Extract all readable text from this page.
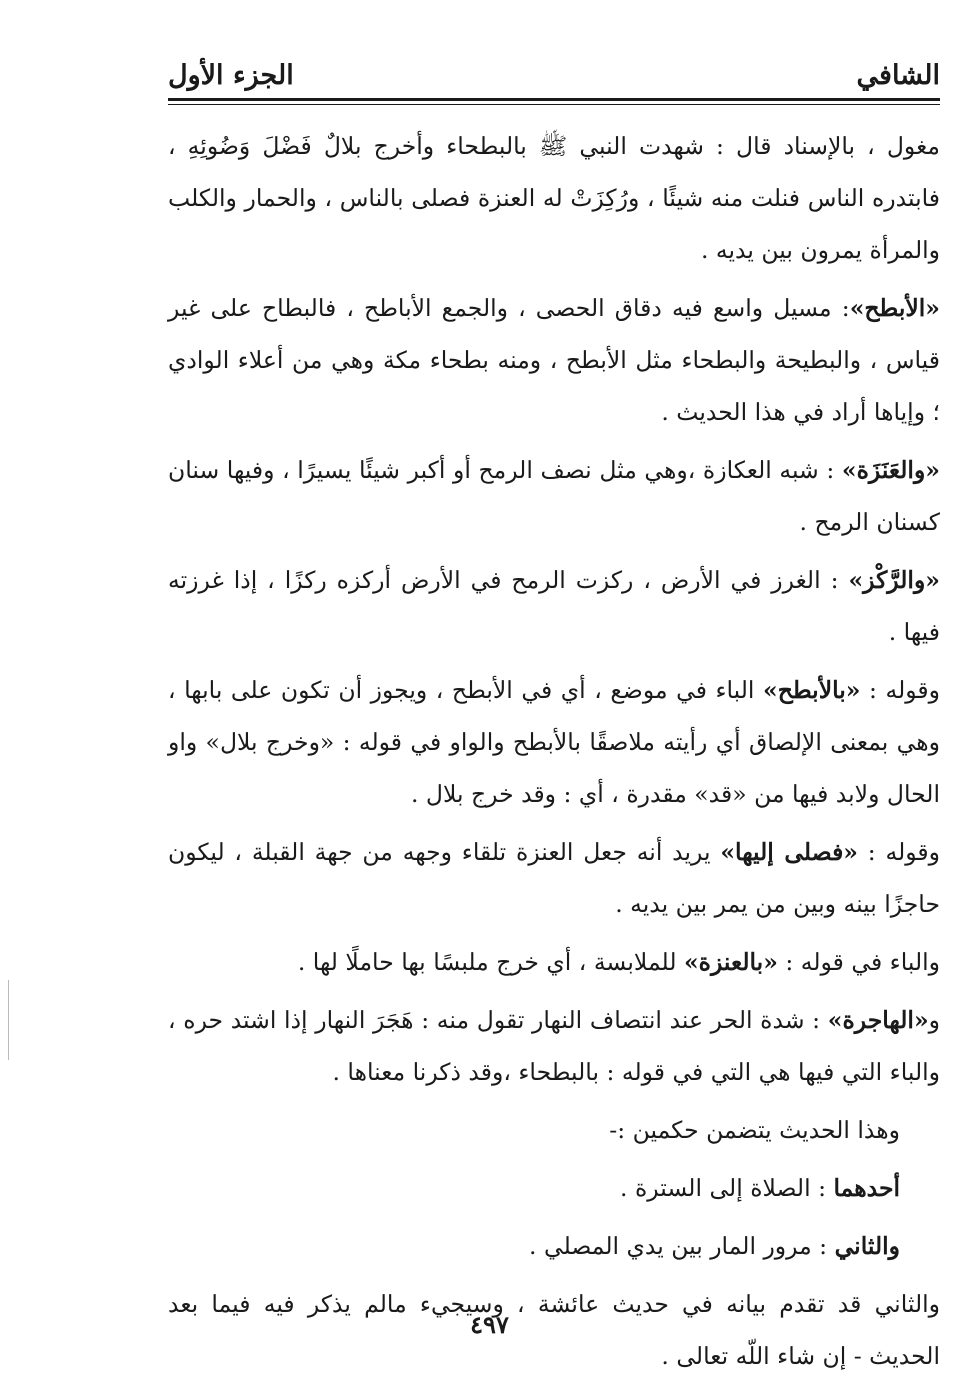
الشافي
الجزء الأول

مغول ، بالإسناد قال : شهدت النبي ﷺ بالبطحاء وأخرج بلالٌ فَضْلَ وَضُوئِهِ ، فابتدره الناس فنلت منه شيئًا ، ورُكِزَتْ له العنزة فصلى بالناس ، والحمار والكلب والمرأة يمرون بين يديه .

«الأبطح»: مسيل واسع فيه دقاق الحصى ، والجمع الأباطح ، فالبطاح على غير قياس ، والبطيحة والبطحاء مثل الأبطح ، ومنه بطحاء مكة وهي من أعلاء الوادي ؛ وإياها أراد في هذا الحديث .

«والعَنَزَة» : شبه العكازة ،وهي مثل نصف الرمح أو أكبر شيئًا يسيرًا ، وفيها سنان كسنان الرمح .

«والرَّكْز» : الغرز في الأرض ، ركزت الرمح في الأرض أركزه ركزًا ، إذا غرزته فيها .

وقوله : «بالأبطح» الباء في موضع ، أي في الأبطح ، ويجوز أن تكون على بابها ، وهي بمعنى الإلصاق أي رأيته ملاصقًا بالأبطح والواو في قوله : «وخرج بلال» واو الحال ولابد فيها من «قد» مقدرة ، أي : وقد خرج بلال .

وقوله : «فصلى إليها» يريد أنه جعل العنزة تلقاء وجهه من جهة القبلة ، ليكون حاجزًا بينه وبين من يمر بين يديه .

والباء في قوله : «بالعنزة» للملابسة ، أي خرج ملبسًا بها حاملًا لها .

و«الهاجرة» : شدة الحر عند انتصاف النهار تقول منه : هَجَرَ النهار إذا اشتد حره ، والباء التي فيها هي التي في قوله : بالبطحاء ،وقد ذكرنا معناها .

وهذا الحديث يتضمن حكمين :-

أحدهما : الصلاة إلى السترة .

والثاني : مرور المار بين يدي المصلي .

والثاني قد تقدم بيانه في حديث عائشة ، وسيجيء مالم يذكر فيه فيما بعد الحديث - إن شاء اللّه تعالى .

٤٩٧
